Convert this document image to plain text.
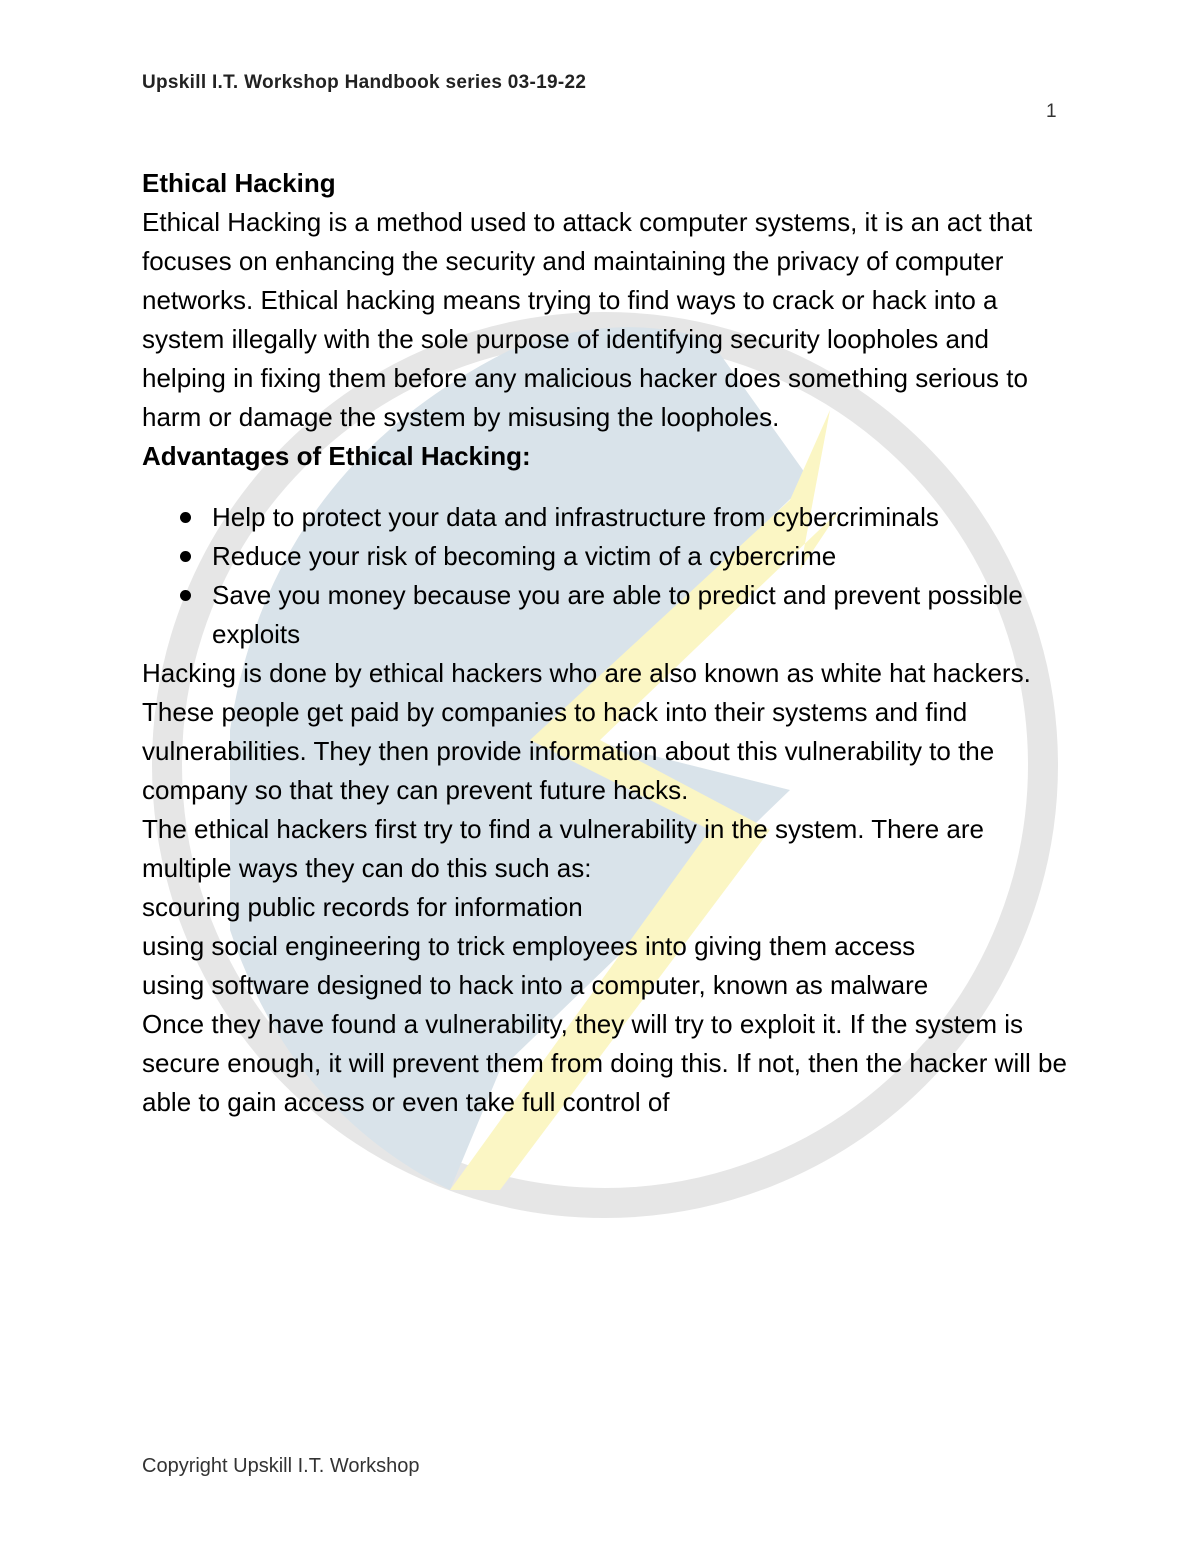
Upskill I.T. Workshop Handbook series 03-19-22
1
Ethical Hacking

Ethical Hacking is a method used to attack computer systems, it is an act that focuses on enhancing the security and maintaining the privacy of computer networks. Ethical hacking means trying to find ways to crack or hack into a system illegally with the sole purpose of identifying security loopholes and helping in fixing them before any malicious hacker does something serious to harm or damage the system by misusing the loopholes.

Advantages of Ethical Hacking:
Help to protect your data and infrastructure from cybercriminals
Reduce your risk of becoming a victim of a cybercrime
Save you money because you are able to predict and prevent possible exploits

Hacking is done by ethical hackers who are also known as white hat hackers. These people get paid by companies to hack into their systems and find vulnerabilities. They then provide information about this vulnerability to the company so that they can prevent future hacks.

The ethical hackers first try to find a vulnerability in the system. There are multiple ways they can do this such as:

scouring public records for information

using social engineering to trick employees into giving them access

using software designed to hack into a computer, known as malware

Once they have found a vulnerability, they will try to exploit it. If the system is secure enough, it will prevent them from doing this. If not, then the hacker will be able to gain access or even take full control of

Copyright Upskill I.T. Workshop
